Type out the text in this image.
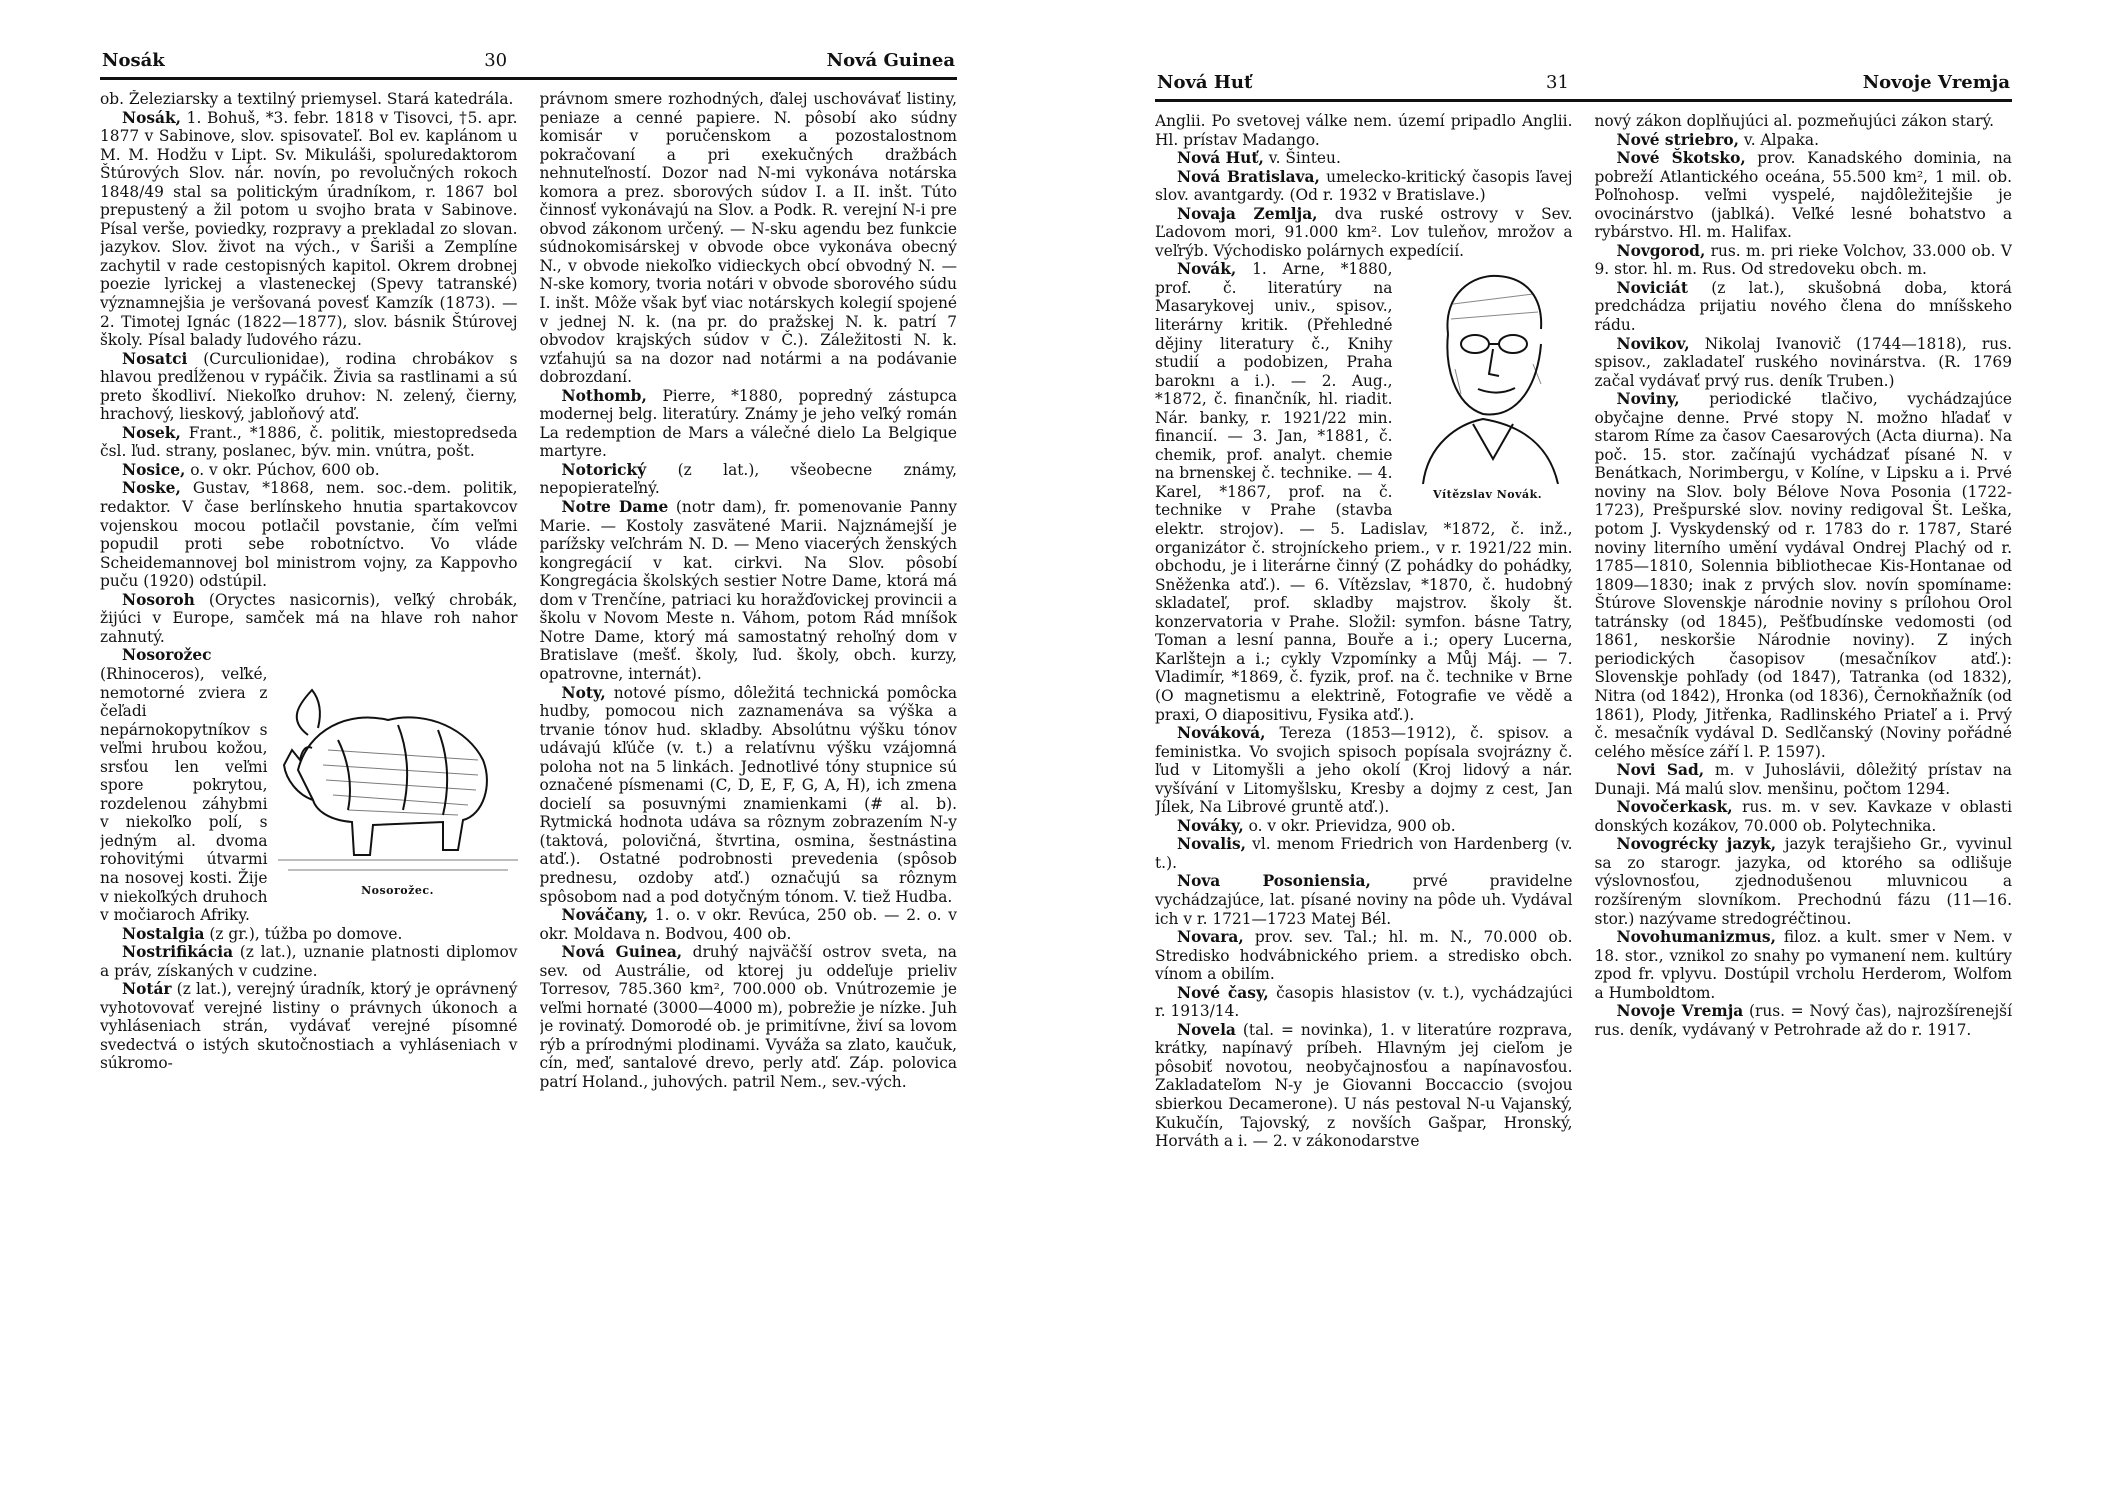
Nosák	30	Nová Guinea

ob. Železiarsky a textilný priemysel. Stará katedrála.

Nosák, 1. Bohuš, *3. febr. 1818 v Tisovci, †5. apr. 1877 v Sabinove, slov. spisovateľ. Bol ev. kaplánom u M. M. Hodžu v Lipt. Sv. Mikuláši, spoluredaktorom Štúrových Slov. nár. novín, po revolučných rokoch 1848/49 stal sa politickým úradníkom, r. 1867 bol prepustený a žil potom u svojho brata v Sabinove. Písal verše, poviedky, rozpravy a prekladal zo slovan. jazykov. Slov. život na vých., v Šariši a Zemplíne zachytil v rade cestopisných kapitol. Okrem drobnej poezie lyrickej a vlasteneckej (Spevy tatranské) významnejšia je veršovaná povesť Kamzík (1873). — 2. Timotej Ignác (1822—1877), slov. básnik Štúrovej školy. Písal balady ľudového rázu.

Nosatci (Curculionidae), rodina chrobákov s hlavou predĺženou v rypáčik. Živia sa rastlinami a sú preto škodliví. Niekoľko druhov: N. zelený, čierny, hrachový, lieskový, jabloňový atď.

Nosek, Frant., *1886, č. politik, miestopredseda čsl. ľud. strany, poslanec, býv. min. vnútra, pošt.

Nosice, o. v okr. Púchov, 600 ob.

Noske, Gustav, *1868, nem. soc.-dem. politik, redaktor. V čase berlínskeho hnutia spartakovcov vojenskou mocou potlačil povstanie, čím veľmi popudil proti sebe robotníctvo. Vo vláde Scheidemannovej bol ministrom vojny, za Kappovho puču (1920) odstúpil.

Nosoroh (Oryctes nasicornis), veľký chrobák, žijúci v Europe, samček má na hlave roh nahor zahnutý.

Nosorožec.

Nosorožec (Rhinoceros), veľké, nemotorné zviera z čeľadi nepárnokopytníkov s veľmi hrubou kožou, srsťou len veľmi spore pokrytou, rozdelenou záhybmi v niekoľko polí, s jedným al. dvoma rohovitými útvarmi na nosovej kosti. Žije v niekoľkých druhoch v močiaroch Afriky.

Nostalgia (z gr.), túžba po domove.

Nostrifikácia (z lat.), uznanie platnosti diplomov a práv, získaných v cudzine.

Notár (z lat.), verejný úradník, ktorý je oprávnený vyhotovovať verejné listiny o právnych úkonoch a vyhláseniach strán, vydávať verejné písomné svedectvá o istých skutočnostiach a vyhláseniach v súkromo-

právnom smere rozhodných, ďalej uschovávať listiny, peniaze a cenné papiere. N. pôsobí ako súdny komisár v poručenskom a pozostalostnom pokračovaní a pri exekučných dražbách nehnuteľností. Dozor nad N-mi vykonáva notárska komora a prez. sborových súdov I. a II. inšt. Túto činnosť vykonávajú na Slov. a Podk. R. verejní N-i pre obvod zákonom určený. — N-sku agendu bez funkcie súdnokomisárskej v obvode obce vykonáva obecný N., v obvode niekoľko vidieckych obcí obvodný N. — N-ske komory, tvoria notári v obvode sborového súdu I. inšt. Môže však byť viac notárskych kolegií spojené v jednej N. k. (na pr. do pražskej N. k. patrí 7 obvodov krajských súdov v Č.). Záležitosti N. k. vzťahujú sa na dozor nad notármi a na podávanie dobrozdaní.

Nothomb, Pierre, *1880, popredný zástupca modernej belg. literatúry. Známy je jeho veľký román La redemption de Mars a válečné dielo La Belgique martyre.

Notorický (z lat.), všeobecne známy, nepopierateľný.

Notre Dame (notr dam), fr. pomenovanie Panny Marie. — Kostoly zasvätené Marii. Najznámejší je parížsky veľchrám N. D. — Meno viacerých ženských kongregácií v kat. cirkvi. Na Slov. pôsobí Kongregácia školských sestier Notre Dame, ktorá má dom v Trenčíne, patriaci ku horažďovickej provincii a školu v Novom Meste n. Váhom, potom Rád mníšok Notre Dame, ktorý má samostatný rehoľný dom v Bratislave (mešť. školy, ľud. školy, obch. kurzy, opatrovne, internát).

Noty, notové písmo, dôležitá technická pomôcka hudby, pomocou nich zaznamenáva sa výška a trvanie tónov hud. skladby. Absolútnu výšku tónov udávajú kľúče (v. t.) a relatívnu výšku vzájomná poloha not na 5 linkách. Jednotlivé tóny stupnice sú označené písmenami (C, D, E, F, G, A, H), ich zmena docielí sa posuvnými znamienkami (# al. b). Rytmická hodnota udáva sa rôznym zobrazením N-y (taktová, polovičná, štvrtina, osmina, šestnástina atď.). Ostatné podrobnosti prevedenia (spôsob prednesu, ozdoby atď.) označujú sa rôznym spôsobom nad a pod dotyčným tónom. V. tiež Hudba.

Nováčany, 1. o. v okr. Revúca, 250 ob. — 2. o. v okr. Moldava n. Bodvou, 400 ob.

Nová Guinea, druhý najväčší ostrov sveta, na sev. od Austrálie, od ktorej ju oddeľuje prieliv Torresov, 785.360 km², 700.000 ob. Vnútrozemie je veľmi hornaté (3000—4000 m), pobrežie je nízke. Juh je rovinatý. Domorodé ob. je primitívne, živí sa lovom rýb a prírodnými plodinami. Vyváža sa zlato, kaučuk, cín, meď, santalové drevo, perly atď. Záp. polovica patrí Holand., juhových. patril Nem., sev.-vých.

Nová Huť	31	Novoje Vremja

Anglii. Po svetovej válke nem. území pripadlo Anglii. Hl. prístav Madango.

Nová Huť, v. Šinteu.

Nová Bratislava, umelecko-kritický časopis ľavej slov. avantgardy. (Od r. 1932 v Bratislave.)

Novaja Zemlja, dva ruské ostrovy v Sev. Ľadovom mori, 91.000 km². Lov tuleňov, mrožov a veľrýb. Východisko polárnych expedícií.

Vítězslav Novák.

Novák, 1. Arne, *1880, prof. č. literatúry na Masarykovej univ., spisov., literárny kritik. (Přehledné dějiny literatury č., Knihy studií a podobizen, Praha baroknı a i.). — 2. Aug., *1872, č. finančník, hl. riadit. Nár. banky, r. 1921/22 min. financií. — 3. Jan, *1881, č. chemik, prof. analyt. chemie na brnenskej č. technike. — 4. Karel, *1867, prof. na č. technike v Prahe (stavba elektr. strojov). — 5. Ladislav, *1872, č. inž., organizátor č. strojníckeho priem., v r. 1921/22 min. obchodu, je i literárne činný (Z pohádky do pohádky, Sněženka atď.). — 6. Vítězslav, *1870, č. hudobný skladateľ, prof. skladby majstrov. školy št. konzervatoria v Prahe. Složil: symfon. básne Tatry, Toman a lesní panna, Bouře a i.; opery Lucerna, Karlštejn a i.; cykly Vzpomínky a Můj Máj. — 7. Vladimír, *1869, č. fyzik, prof. na č. technike v Brne (O magnetismu a elektrině, Fotografie ve vědě a praxi, O diapositivu, Fysika atď.).

Nováková, Tereza (1853—1912), č. spisov. a feministka. Vo svojich spisoch popísala svojrázny č. ľud v Litomyšli a jeho okolí (Kroj lidový a nár. vyšívání v Litomyšlsku, Kresby a dojmy z cest, Jan Jílek, Na Librové gruntě atď.).

Nováky, o. v okr. Prievidza, 900 ob.

Novalis, vl. menom Friedrich von Hardenberg (v. t.).

Nova Posoniensia, prvé pravidelne vychádzajúce, lat. písané noviny na pôde uh. Vydával ich v r. 1721—1723 Matej Bél.

Novara, prov. sev. Tal.; hl. m. N., 70.000 ob. Stredisko hodvábnického priem. a stredisko obch. vínom a obilím.

Nové časy, časopis hlasistov (v. t.), vychádzajúci r. 1913/14.

Novela (tal. = novinka), 1. v literatúre rozprava, krátky, napínavý príbeh. Hlavným jej cieľom je pôsobiť novotou, neobyčajnosťou a napínavosťou. Zakladateľom N-y je Giovanni Boccaccio (svojou sbierkou Decamerone). U nás pestoval N-u Vajanský, Kukučín, Tajovský, z novších Gašpar, Hronský, Horváth a i. — 2. v zákonodarstve

nový zákon doplňujúci al. pozmeňujúci zákon starý.

Nové striebro, v. Alpaka.

Nové Škotsko, prov. Kanadského dominia, na pobreží Atlantického oceána, 55.500 km², 1 mil. ob. Poľnohosp. veľmi vyspelé, najdôležitejšie je ovocinárstvo (jablká). Veľké lesné bohatstvo a rybárstvo. Hl. m. Halifax.

Novgorod, rus. m. pri rieke Volchov, 33.000 ob. V 9. stor. hl. m. Rus. Od stredoveku obch. m.

Noviciát (z lat.), skušobná doba, ktorá predchádza prijatiu nového člena do mníšskeho rádu.

Novikov, Nikolaj Ivanovič (1744—1818), rus. spisov., zakladateľ ruského novinárstva. (R. 1769 začal vydávať prvý rus. deník Truben.)

Noviny, periodické tlačivo, vychádzajúce obyčajne denne. Prvé stopy N. možno hľadať v starom Ríme za časov Caesarových (Acta diurna). Na poč. 15. stor. začínajú vychádzať písané N. v Benátkach, Norimbergu, v Kolíne, v Lipsku a i. Prvé noviny na Slov. boly Bélove Nova Posonia (1722-1723), Prešpurské slov. noviny redigoval Št. Leška, potom J. Vyskydenský od r. 1783 do r. 1787, Staré noviny literního umění vydával Ondrej Plachý od r. 1785—1810, Solennia bibliothecae Kis-Hontanae od 1809—1830; inak z prvých slov. novín spomíname: Štúrove Slovenskje národnie noviny s prílohou Orol tatránsky (od 1845), Pešťbudínske vedomosti (od 1861, neskoršie Národnie noviny). Z iných periodických časopisov (mesačníkov atď.): Slovenskje pohľady (od 1847), Tatranka (od 1832), Nitra (od 1842), Hronka (od 1836), Černokňažník (od 1861), Plody, Jitřenka, Radlinského Priateľ a i. Prvý č. mesačník vydával D. Sedlčanský (Noviny pořádné celého měsíce září l. P. 1597).

Novi Sad, m. v Juhoslávii, dôležitý prístav na Dunaji. Má malú slov. menšinu, počtom 1294.

Novočerkask, rus. m. v sev. Kavkaze v oblasti donských kozákov, 70.000 ob. Polytechnika.

Novogrécky jazyk, jazyk terajšieho Gr., vyvinul sa zo starogr. jazyka, od ktorého sa odlišuje výslovnosťou, zjednodušenou mluvnicou a rozšíreným slovníkom. Prechodnú fázu (11—16. stor.) nazývame stredogréčtinou.

Novohumanizmus, filoz. a kult. smer v Nem. v 18. stor., vznikol zo snahy po vymanení nem. kultúry zpod fr. vplyvu. Dostúpil vrcholu Herderom, Wolfom a Humboldtom.

Novoje Vremja (rus. = Nový čas), najrozšírenejší rus. deník, vydávaný v Petrohrade až do r. 1917.
